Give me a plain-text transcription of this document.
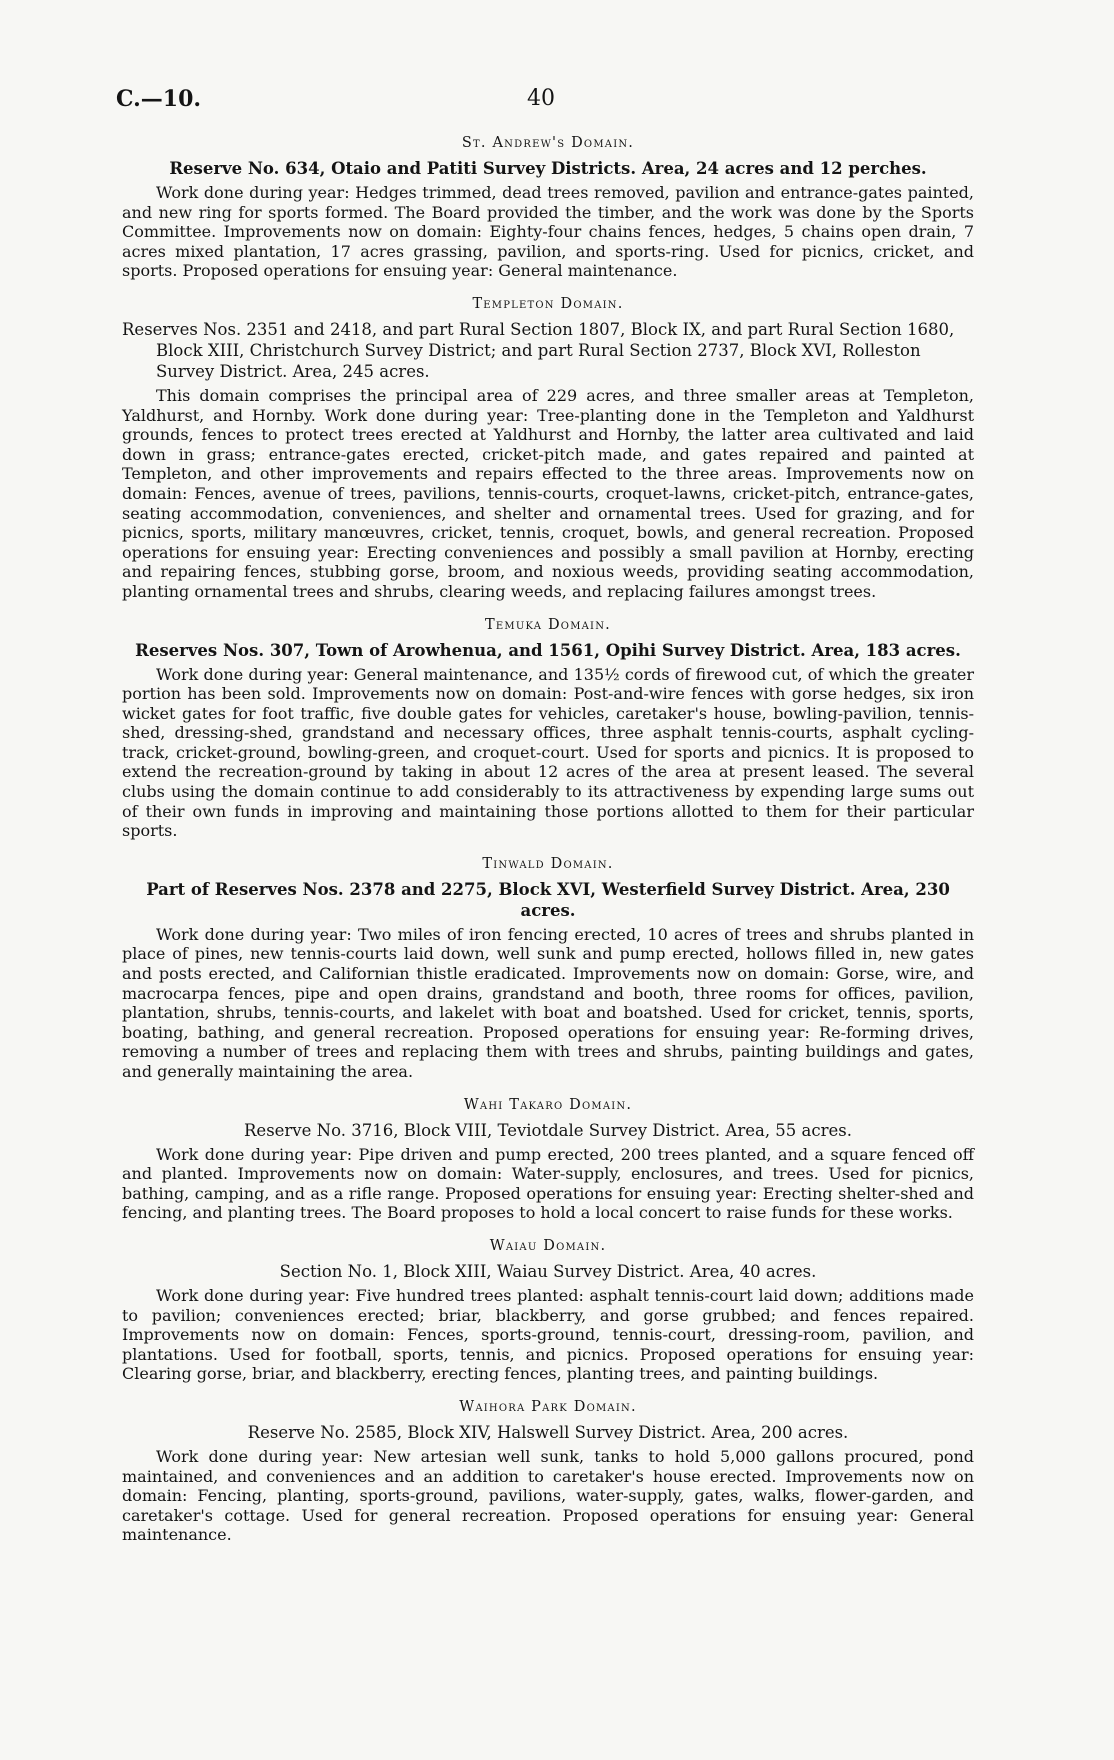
C.—10.	40
St. Andrew's Domain.

Reserve No. 634, Otaio and Patiti Survey Districts. Area, 24 acres and 12 perches.

Work done during year: Hedges trimmed, dead trees removed, pavilion and entrance-gates painted, and new ring for sports formed. The Board provided the timber, and the work was done by the Sports Committee. Improvements now on domain: Eighty-four chains fences, hedges, 5 chains open drain, 7 acres mixed plantation, 17 acres grassing, pavilion, and sports-ring. Used for picnics, cricket, and sports. Proposed operations for ensuing year: General maintenance.

Templeton Domain.

Reserves Nos. 2351 and 2418, and part Rural Section 1807, Block IX, and part Rural Section 1680, Block XIII, Christchurch Survey District; and part Rural Section 2737, Block XVI, Rolleston Survey District. Area, 245 acres.

This domain comprises the principal area of 229 acres, and three smaller areas at Templeton, Yaldhurst, and Hornby. Work done during year: Tree-planting done in the Templeton and Yaldhurst grounds, fences to protect trees erected at Yaldhurst and Hornby, the latter area cultivated and laid down in grass; entrance-gates erected, cricket-pitch made, and gates repaired and painted at Templeton, and other improvements and repairs effected to the three areas. Improvements now on domain: Fences, avenue of trees, pavilions, tennis-courts, croquet-lawns, cricket-pitch, entrance-gates, seating accommodation, conveniences, and shelter and ornamental trees. Used for grazing, and for picnics, sports, military manœuvres, cricket, tennis, croquet, bowls, and general recreation. Proposed operations for ensuing year: Erecting conveniences and possibly a small pavilion at Hornby, erecting and repairing fences, stubbing gorse, broom, and noxious weeds, providing seating accommodation, planting ornamental trees and shrubs, clearing weeds, and replacing failures amongst trees.

Temuka Domain.

Reserves Nos. 307, Town of Arowhenua, and 1561, Opihi Survey District. Area, 183 acres.

Work done during year: General maintenance, and 135½ cords of firewood cut, of which the greater portion has been sold. Improvements now on domain: Post-and-wire fences with gorse hedges, six iron wicket gates for foot traffic, five double gates for vehicles, caretaker's house, bowling-pavilion, tennis-shed, dressing-shed, grandstand and necessary offices, three asphalt tennis-courts, asphalt cycling-track, cricket-ground, bowling-green, and croquet-court. Used for sports and picnics. It is proposed to extend the recreation-ground by taking in about 12 acres of the area at present leased. The several clubs using the domain continue to add considerably to its attractiveness by expending large sums out of their own funds in improving and maintaining those portions allotted to them for their particular sports.

Tinwald Domain.

Part of Reserves Nos. 2378 and 2275, Block XVI, Westerfield Survey District. Area, 230 acres.

Work done during year: Two miles of iron fencing erected, 10 acres of trees and shrubs planted in place of pines, new tennis-courts laid down, well sunk and pump erected, hollows filled in, new gates and posts erected, and Californian thistle eradicated. Improvements now on domain: Gorse, wire, and macrocarpa fences, pipe and open drains, grandstand and booth, three rooms for offices, pavilion, plantation, shrubs, tennis-courts, and lakelet with boat and boatshed. Used for cricket, tennis, sports, boating, bathing, and general recreation. Proposed operations for ensuing year: Re-forming drives, removing a number of trees and replacing them with trees and shrubs, painting buildings and gates, and generally maintaining the area.

Wahi Takaro Domain.

Reserve No. 3716, Block VIII, Teviotdale Survey District. Area, 55 acres.

Work done during year: Pipe driven and pump erected, 200 trees planted, and a square fenced off and planted. Improvements now on domain: Water-supply, enclosures, and trees. Used for picnics, bathing, camping, and as a rifle range. Proposed operations for ensuing year: Erecting shelter-shed and fencing, and planting trees. The Board proposes to hold a local concert to raise funds for these works.

Waiau Domain.

Section No. 1, Block XIII, Waiau Survey District. Area, 40 acres.

Work done during year: Five hundred trees planted: asphalt tennis-court laid down; additions made to pavilion; conveniences erected; briar, blackberry, and gorse grubbed; and fences repaired. Improvements now on domain: Fences, sports-ground, tennis-court, dressing-room, pavilion, and plantations. Used for football, sports, tennis, and picnics. Proposed operations for ensuing year: Clearing gorse, briar, and blackberry, erecting fences, planting trees, and painting buildings.

Waihora Park Domain.

Reserve No. 2585, Block XIV, Halswell Survey District. Area, 200 acres.

Work done during year: New artesian well sunk, tanks to hold 5,000 gallons procured, pond maintained, and conveniences and an addition to caretaker's house erected. Improvements now on domain: Fencing, planting, sports-ground, pavilions, water-supply, gates, walks, flower-garden, and caretaker's cottage. Used for general recreation. Proposed operations for ensuing year: General maintenance.
